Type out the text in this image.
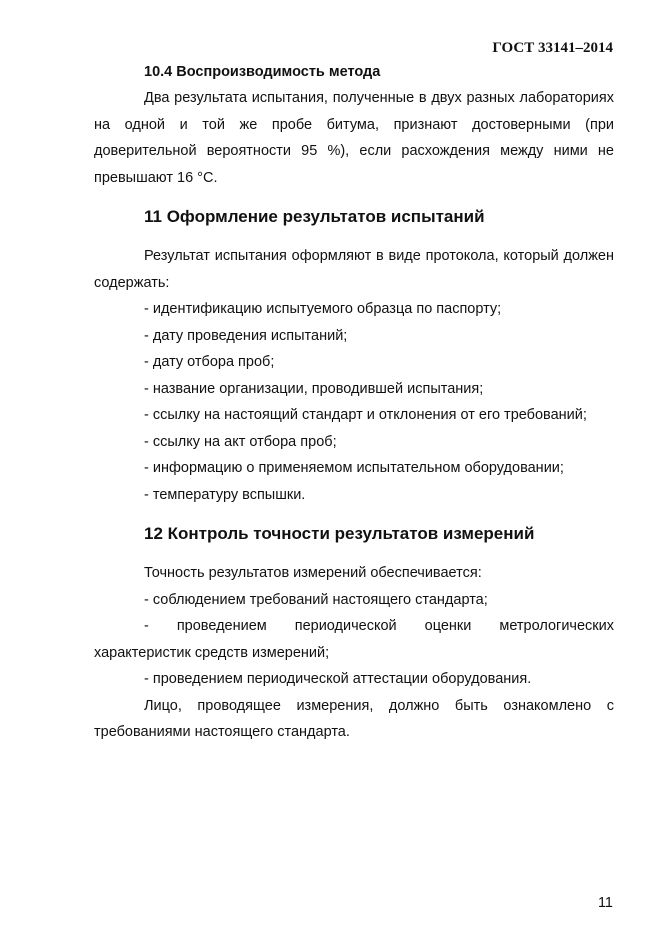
ГОСТ 33141–2014

10.4 Воспроизводимость метода

Два результата испытания, полученные в двух разных лабораториях на одной и той же пробе битума, признают достоверными (при доверительной вероятности 95 %), если расхождения между ними не превышают 16 °C.

11 Оформление результатов испытаний

Результат испытания оформляют в виде протокола, который должен содержать:

- идентификацию испытуемого образца по паспорту;

- дату проведения испытаний;

- дату отбора проб;

- название организации, проводившей испытания;

- ссылку на настоящий стандарт и отклонения от его требований;

- ссылку на акт отбора проб;

- информацию о применяемом испытательном оборудовании;

- температуру вспышки.

12 Контроль точности результатов измерений

Точность результатов измерений обеспечивается:

- соблюдением требований настоящего стандарта;

- проведением периодической оценки метрологических характеристик средств измерений;

- проведением периодической аттестации оборудования.

Лицо, проводящее измерения, должно быть ознакомлено с требованиями настоящего стандарта.

11
